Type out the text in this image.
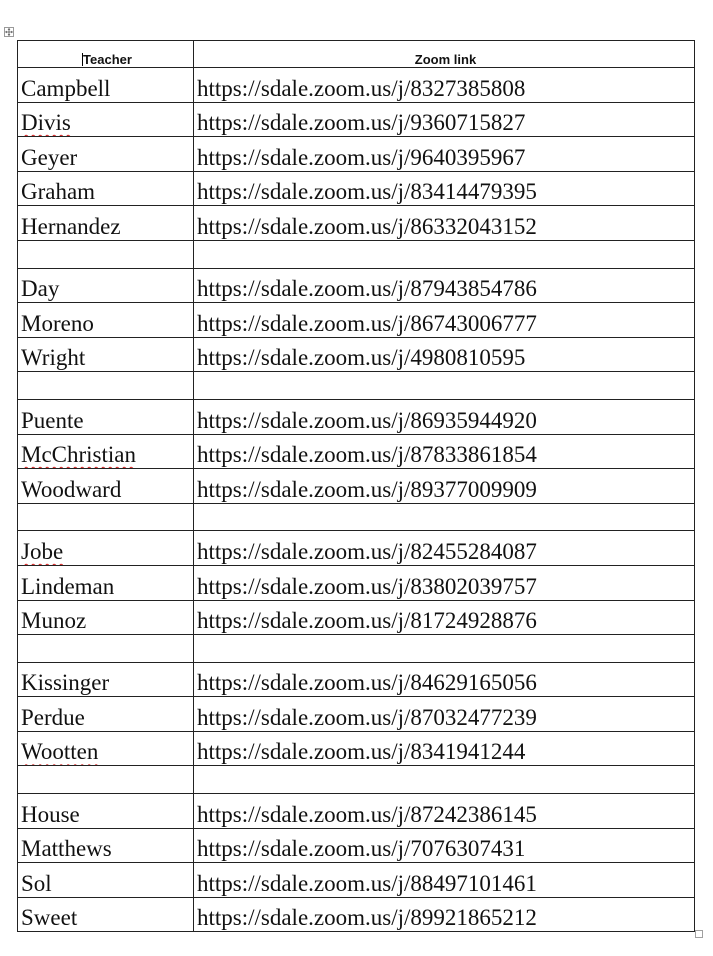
Teacher	Zoom link
Campbell	https://sdale.zoom.us/j/8327385808
Divis	https://sdale.zoom.us/j/9360715827
Geyer	https://sdale.zoom.us/j/9640395967
Graham	https://sdale.zoom.us/j/83414479395
Hernandez	https://sdale.zoom.us/j/86332043152

Day	https://sdale.zoom.us/j/87943854786
Moreno	https://sdale.zoom.us/j/86743006777
Wright	https://sdale.zoom.us/j/4980810595

Puente	https://sdale.zoom.us/j/86935944920
McChristian	https://sdale.zoom.us/j/87833861854
Woodward	https://sdale.zoom.us/j/89377009909

Jobe	https://sdale.zoom.us/j/82455284087
Lindeman	https://sdale.zoom.us/j/83802039757
Munoz	https://sdale.zoom.us/j/81724928876

Kissinger	https://sdale.zoom.us/j/84629165056
Perdue	https://sdale.zoom.us/j/87032477239
Wootten	https://sdale.zoom.us/j/8341941244

House	https://sdale.zoom.us/j/87242386145
Matthews	https://sdale.zoom.us/j/7076307431
Sol	https://sdale.zoom.us/j/88497101461
Sweet	https://sdale.zoom.us/j/89921865212
